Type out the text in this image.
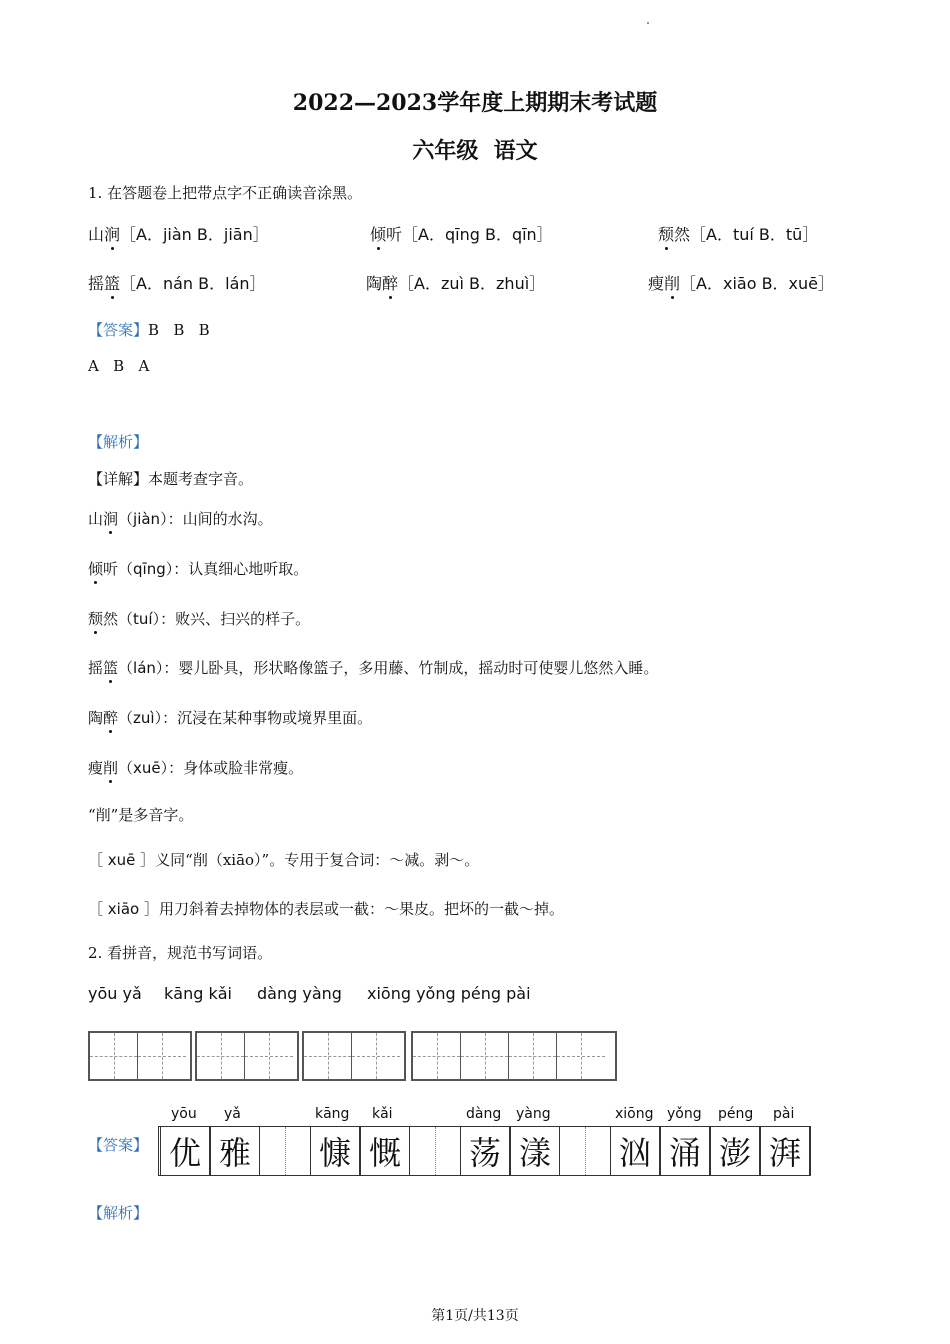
2022—2023学年度上期期末考试题
六年级  语文
1. 在答题卷上把带点字不正确读音涂黑。
山涧［A．jiàn B．jiān］	倾听［A．qīng B．qīn］	颓然［A．tuí B．tū］
摇篮［A．nán B．lán］	陶醉［A．zuì B．zhuì］	瘦削［A．xiāo B．xuē］
【答案】B   B   B
A   B   A
【解析】
【详解】本题考查字音。
山涧（jiàn）：山间的水沟。
倾听（qīng）：认真细心地听取。
颓然（tuí）：败兴、扫兴的样子。
摇篮（lán）：婴儿卧具，形状略像篮子，多用藤、竹制成，摇动时可使婴儿悠然入睡。
陶醉（zuì）：沉浸在某种事物或境界里面。
瘦削（xuē）：身体或脸非常瘦。
“削”是多音字。
［ xuē ］义同“削（xiāo）”。专用于复合词：～减。剥～。
［ xiāo ］用刀斜着去掉物体的表层或一截：～果皮。把坏的一截～掉。
2. 看拼音，规范书写词语。
yōu yǎ kāng kǎi dàng yàng xiōng yǒng péng pài
【答案】
yōu yǎ	kāng kǎi	dàng yàng	xiōng yǒng péng pài
优 雅 慷 慨 荡 漾 汹 涌 澎 湃
【解析】
第1页/共13页
